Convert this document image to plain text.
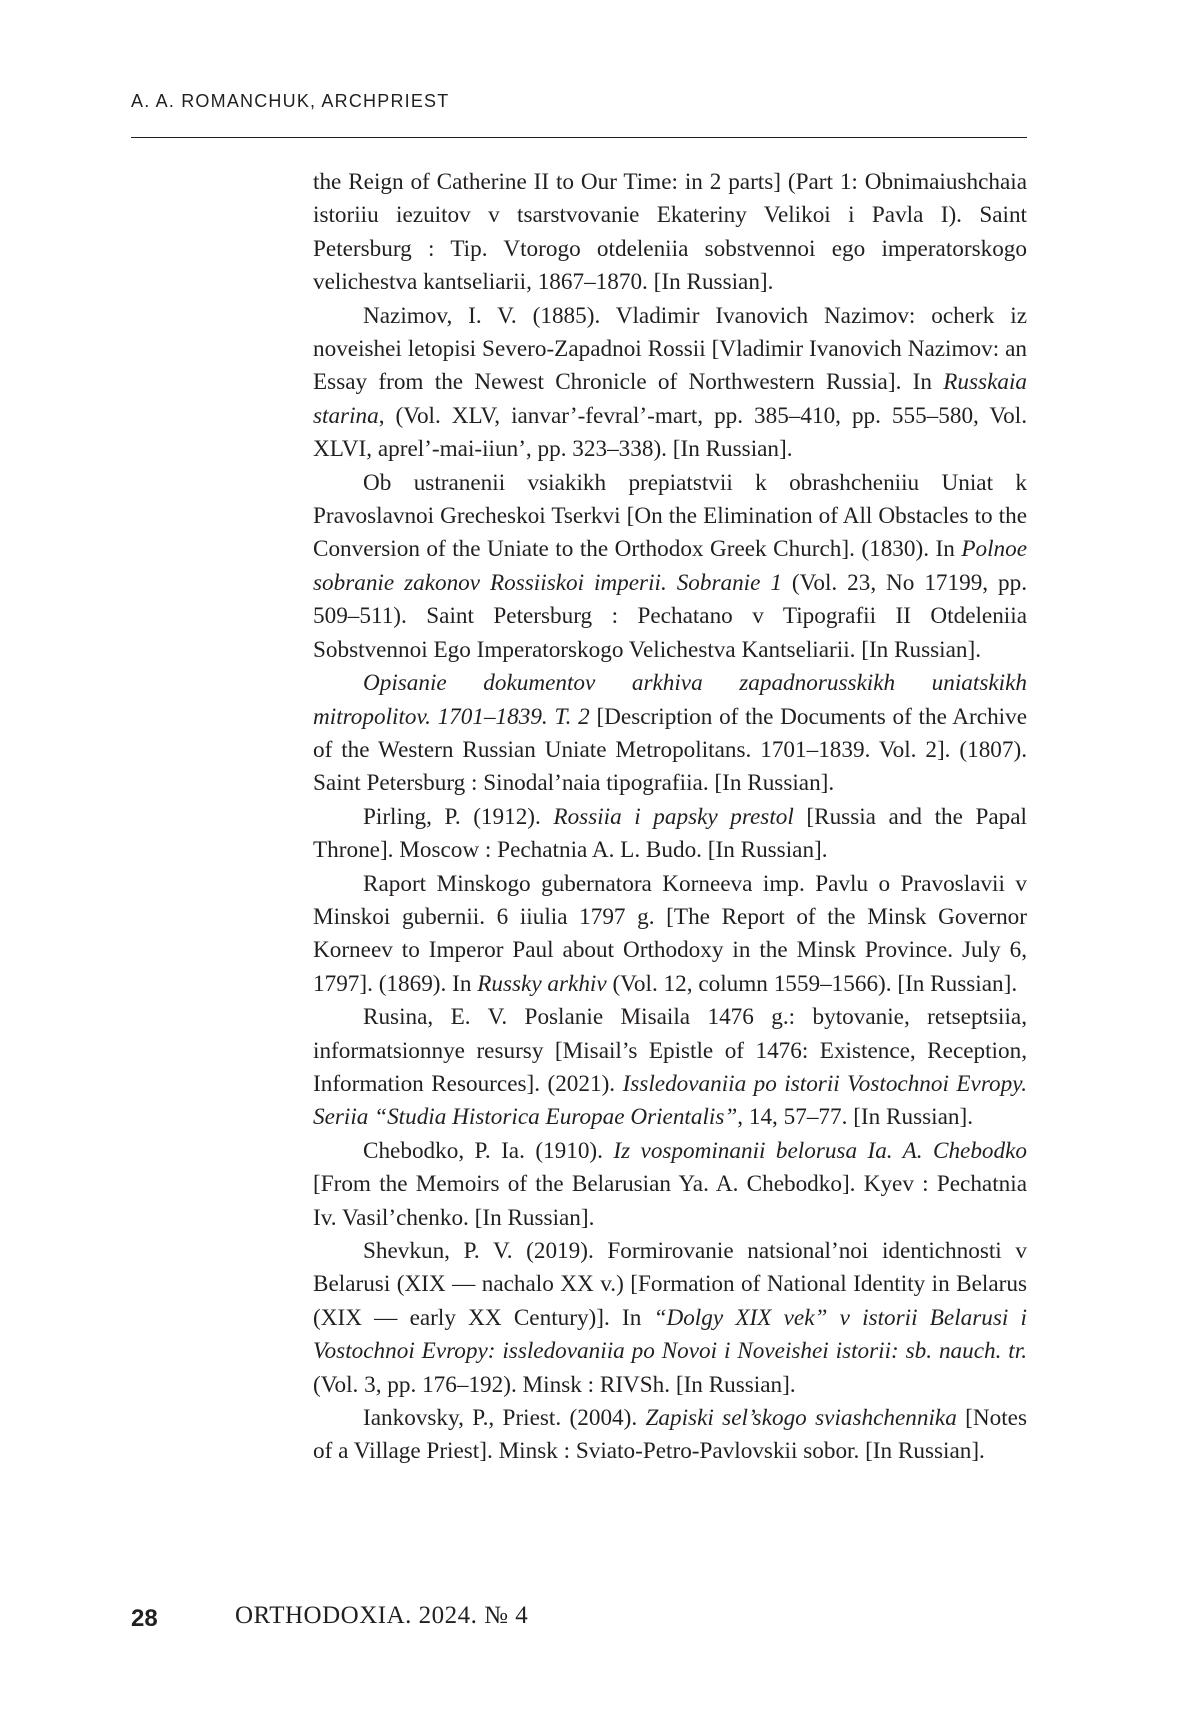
A. A. ROMANCHUK, ARCHPRIEST

the Reign of Catherine II to Our Time: in 2 parts] (Part 1: Obnimaiushchaia istoriiu iezuitov v tsarstvovanie Ekateriny Velikoi i Pavla I). Saint Petersburg : Tip. Vtorogo otdeleniia sobstvennoi ego imperatorskogo velichestva kantseliarii, 1867–1870. [In Russian].

Nazimov, I. V. (1885). Vladimir Ivanovich Nazimov: ocherk iz noveishei letopisi Severo-Zapadnoi Rossii [Vladimir Ivanovich Nazimov: an Essay from the Newest Chronicle of Northwestern Russia]. In Russkaia starina, (Vol. XLV, ianvar’-fevral’-mart, pp. 385–410, pp. 555–580, Vol. XLVI, aprel’-mai-iiun’, pp. 323–338). [In Russian].

Ob ustranenii vsiakikh prepiatstvii k obrashcheniiu Uniat k Pravoslavnoi Grecheskoi Tserkvi [On the Elimination of All Obstacles to the Conversion of the Uniate to the Orthodox Greek Church]. (1830). In Polnoe sobranie zakonov Rossiiskoi imperii. Sobranie 1 (Vol. 23, No 17199, pp. 509–511). Saint Petersburg : Pechatano v Tipografii II Otdeleniia Sobstvennoi Ego Imperatorskogo Velichestva Kantseliarii. [In Russian].

Opisanie dokumentov arkhiva zapadnorusskikh uniatskikh mitropolitov. 1701–1839. T. 2 [Description of the Documents of the Archive of the Western Russian Uniate Metropolitans. 1701–1839. Vol. 2]. (1807). Saint Petersburg : Sinodal’naia tipografiia. [In Russian].

Pirling, P. (1912). Rossiia i papsky prestol [Russia and the Papal Throne]. Moscow : Pechatnia A. L. Budo. [In Russian].

Raport Minskogo gubernatora Korneeva imp. Pavlu o Pravoslavii v Minskoi gubernii. 6 iiulia 1797 g. [The Report of the Minsk Governor Korneev to Imperor Paul about Orthodoxy in the Minsk Province. July 6, 1797]. (1869). In Russky arkhiv (Vol. 12, column 1559–1566). [In Russian].

Rusina, E. V. Poslanie Misaila 1476 g.: bytovanie, retseptsiia, informatsionnye resursy [Misail’s Epistle of 1476: Existence, Reception, Information Resources]. (2021). Issledovaniia po istorii Vostochnoi Evropy. Seriia “Studia Historica Europae Orientalis”, 14, 57–77. [In Russian].

Chebodko, P. Ia. (1910). Iz vospominanii belorusa Ia. A. Chebodko [From the Memoirs of the Belarusian Ya. A. Chebodko]. Kyev : Pechatnia Iv. Vasil’chenko. [In Russian].

Shevkun, P. V. (2019). Formirovanie natsional’noi identichnosti v Belarusi (XIX — nachalo XX v.) [Formation of National Identity in Belarus (XIX — early XX Century)]. In “Dolgy XIX vek” v istorii Belarusi i Vostochnoi Evropy: issledovaniia po Novoi i Noveishei istorii: sb. nauch. tr. (Vol. 3, pp. 176–192). Minsk : RIVSh. [In Russian].

Iankovsky, P., Priest. (2004). Zapiski sel’skogo sviashchennika [Notes of a Village Priest]. Minsk : Sviato-Petro-Pavlovskii sobor. [In Russian].

28	ORTHODOXIA. 2024. № 4
